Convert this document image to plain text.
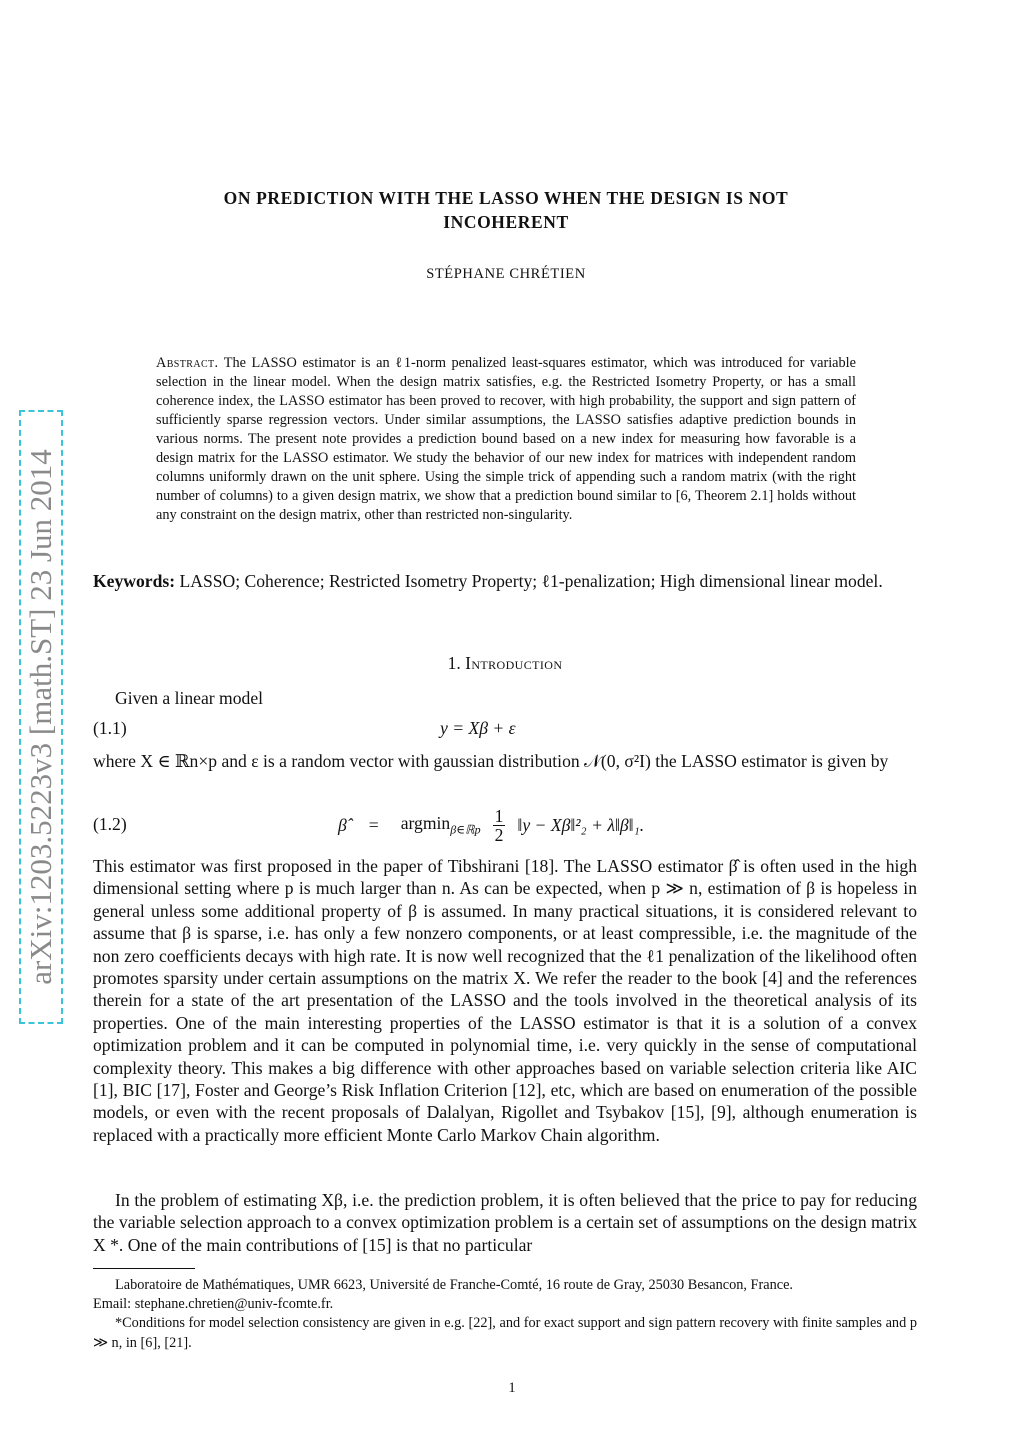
arXiv:1203.5223v3 [math.ST] 23 Jun 2014
ON PREDICTION WITH THE LASSO WHEN THE DESIGN IS NOT
INCOHERENT
STÉPHANE CHRÉTIEN
Abstract. The LASSO estimator is an ℓ1-norm penalized least-squares estimator, which was introduced for variable selection in the linear model. When the design matrix satisfies, e.g. the Restricted Isometry Property, or has a small coherence index, the LASSO estimator has been proved to recover, with high probability, the support and sign pattern of sufficiently sparse regression vectors. Under similar assumptions, the LASSO satisfies adaptive prediction bounds in various norms. The present note provides a prediction bound based on a new index for measuring how favorable is a design matrix for the LASSO estimator. We study the behavior of our new index for matrices with independent random columns uniformly drawn on the unit sphere. Using the simple trick of appending such a random matrix (with the right number of columns) to a given design matrix, we show that a prediction bound similar to [6, Theorem 2.1] holds without any constraint on the design matrix, other than restricted non-singularity.
Keywords: LASSO; Coherence; Restricted Isometry Property; ℓ1-penalization; High dimensional linear model.
1. Introduction
Given a linear model
(1.1)	y = Xβ + ε
where X ∈ ℝn×p and ε is a random vector with gaussian distribution 𝒩(0, σ²I) the LASSO estimator is given by
(1.2)	β̂ = $argmin_{\beta\in ℝp} \frac{1}{2}$ ‖y − Xβ‖²₂ + λ‖β‖₁.
This estimator was first proposed in the paper of Tibshirani [18]. The LASSO estimator β̂ is often used in the high dimensional setting where p is much larger than n. As can be expected, when p ≫ n, estimation of β is hopeless in general unless some additional property of β is assumed. In many practical situations, it is considered relevant to assume that β is sparse, i.e. has only a few nonzero components, or at least compressible, i.e. the magnitude of the non zero coefficients decays with high rate. It is now well recognized that the ℓ1 penalization of the likelihood often promotes sparsity under certain assumptions on the matrix X. We refer the reader to the book [4] and the references therein for a state of the art presentation of the LASSO and the tools involved in the theoretical analysis of its properties. One of the main interesting properties of the LASSO estimator is that it is a solution of a convex optimization problem and it can be computed in polynomial time, i.e. very quickly in the sense of computational complexity theory. This makes a big difference with other approaches based on variable selection criteria like AIC [1], BIC [17], Foster and George’s Risk Inflation Criterion [12], etc, which are based on enumeration of the possible models, or even with the recent proposals of Dalalyan, Rigollet and Tsybakov [15], [9], although enumeration is replaced with a practically more efficient Monte Carlo Markov Chain algorithm.
In the problem of estimating Xβ, i.e. the prediction problem, it is often believed that the price to pay for reducing the variable selection approach to a convex optimization problem is a certain set of assumptions on the design matrix X *. One of the main contributions of [15] is that no particular
Laboratoire de Mathématiques, UMR 6623, Université de Franche-Comté, 16 route de Gray, 25030 Besancon, France.
Email: stephane.chretien@univ-fcomte.fr.
*Conditions for model selection consistency are given in e.g. [22], and for exact support and sign pattern recovery with finite samples and p ≫ n, in [6], [21].
1
